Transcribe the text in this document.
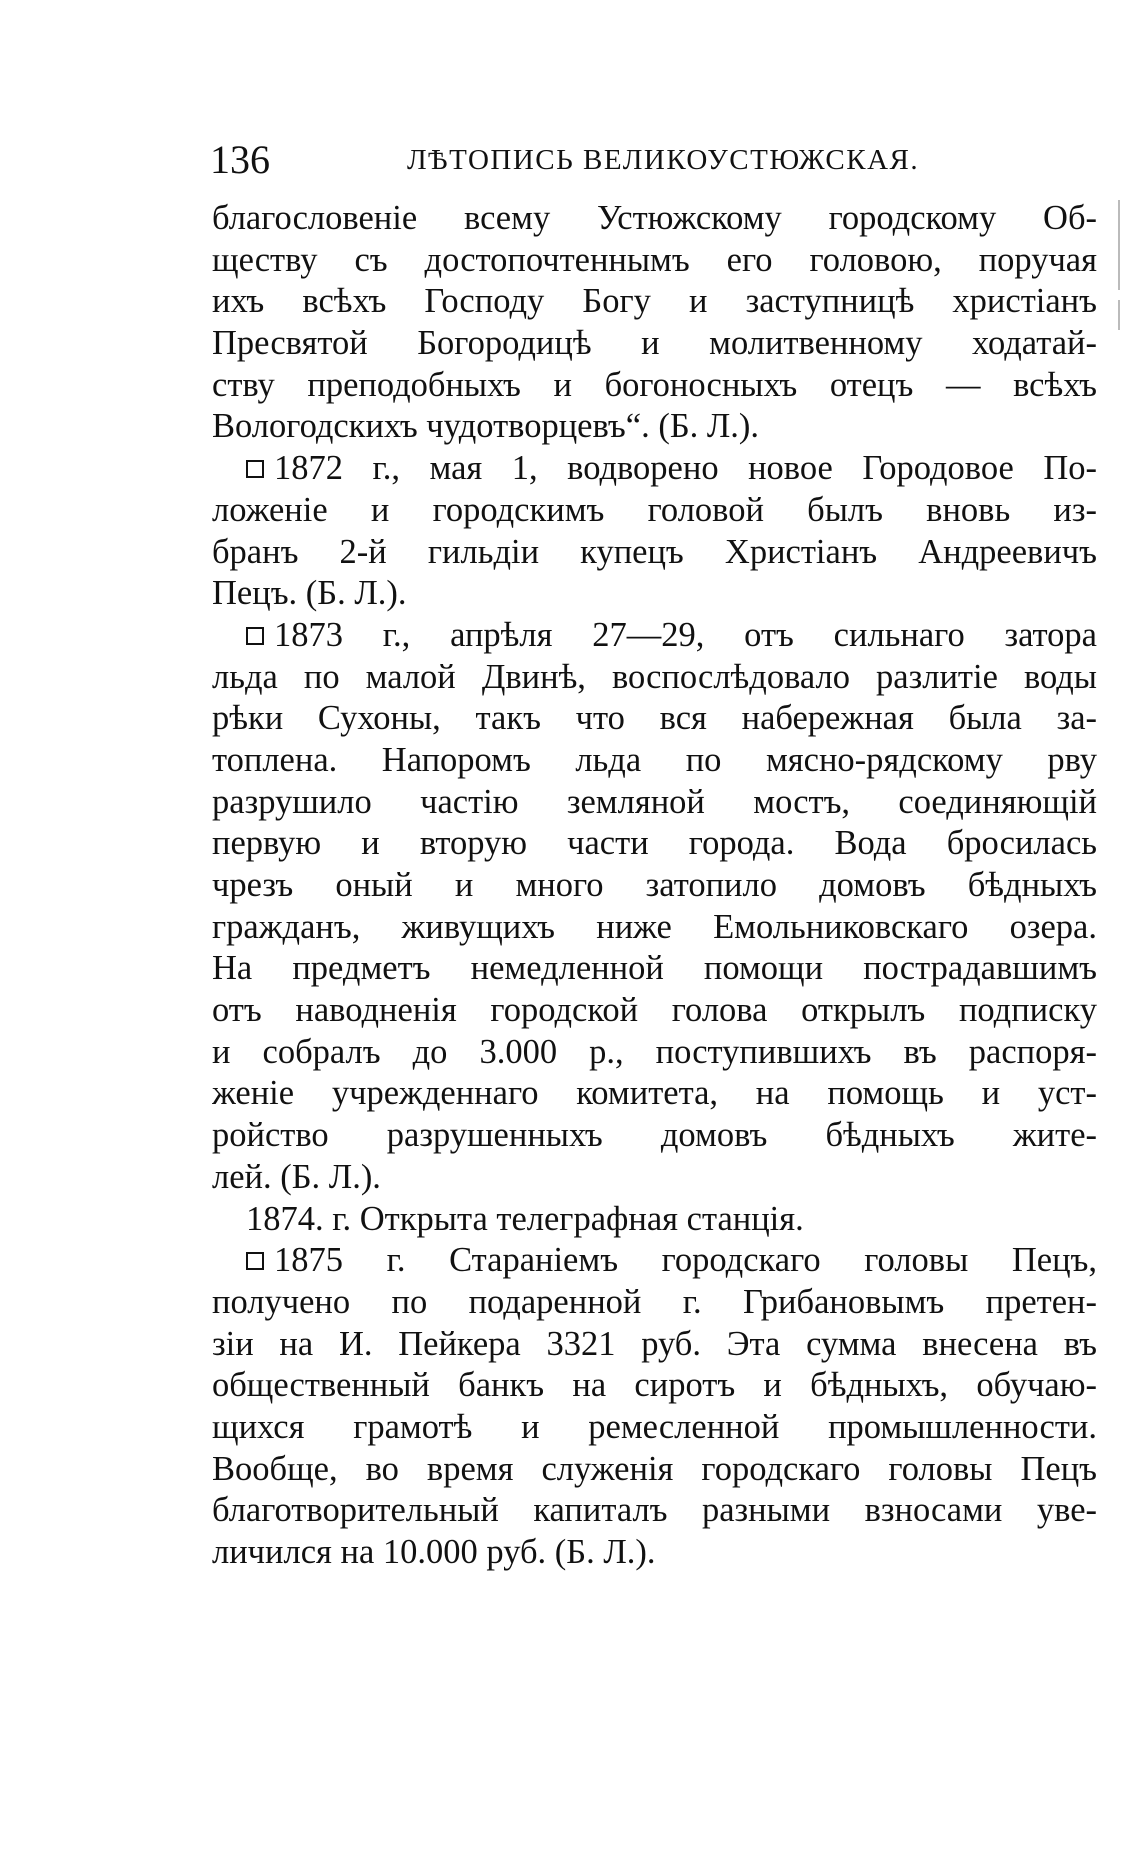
136	ЛѢТОПИСЬ ВЕЛИКОУСТЮЖСКАЯ.
благословеніе всему Устюжскому городскому Об-
ществу съ достопочтеннымъ его головою, поручая
ихъ всѣхъ Господу Богу и заступницѣ христіанъ
Пресвятой Богородицѣ и молитвенному ходатай-
ству преподобныхъ и богоносныхъ отецъ — всѣхъ
Вологодскихъ чудотворцевъ“. (Б. Л.).
1872 г., мая 1, водворено новое Городовое По-
ложеніе и городскимъ головой былъ вновь из-
бранъ 2-й гильдіи купецъ Христіанъ Андреевичъ
Пецъ. (Б. Л.).
1873 г., апрѣля 27—29, отъ сильнаго затора
льда по малой Двинѣ, воспослѣдовало разлитіе воды
рѣки Сухоны, такъ что вся набережная была за-
топлена. Напоромъ льда по мясно-рядскому рву
разрушило частію земляной мостъ, соединяющій
первую и вторую части города. Вода бросилась
чрезъ оный и много затопило домовъ бѣдныхъ
гражданъ, живущихъ ниже Емольниковскаго озера.
На предметъ немедленной помощи пострадавшимъ
отъ наводненія городской голова открылъ подписку
и собралъ до 3.000 р., поступившихъ въ распоря-
женіе учрежденнаго комитета, на помощь и уст-
ройство разрушенныхъ домовъ бѣдныхъ жите-
лей. (Б. Л.).
1874. г. Открыта телеграфная станція.
1875 г. Стараніемъ городскаго головы Пецъ,
получено по подаренной г. Грибановымъ претен-
зіи на И. Пейкера 3321 руб. Эта сумма внесена въ
общественный банкъ на сиротъ и бѣдныхъ, обучаю-
щихся грамотѣ и ремесленной промышленности.
Вообще, во время служенія городскаго головы Пецъ
благотворительный капиталъ разными взносами уве-
личился на 10.000 руб. (Б. Л.).
